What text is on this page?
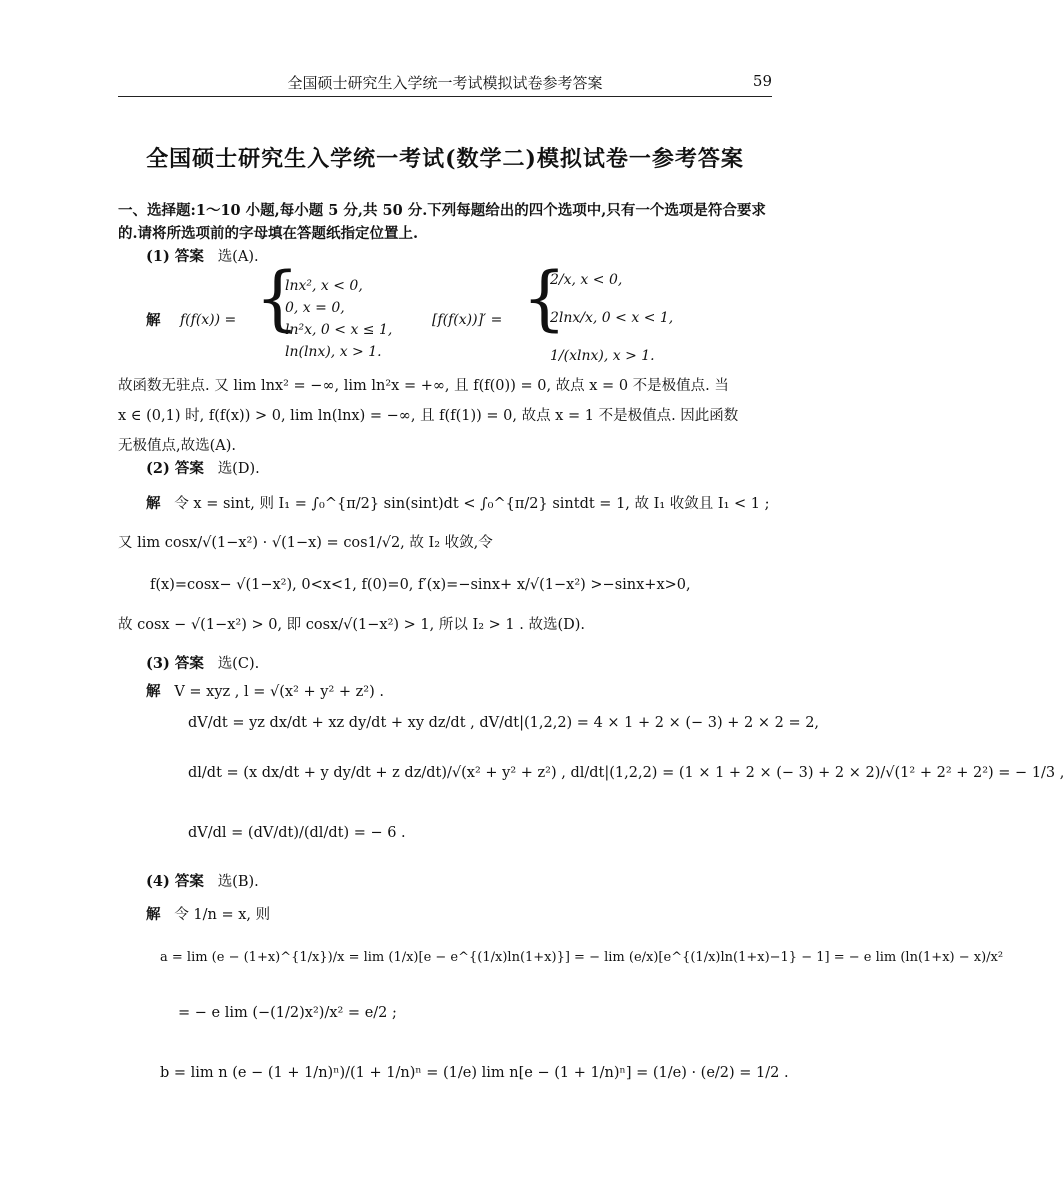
全国硕士研究生入学统一考试模拟试卷参考答案	59
全国硕士研究生入学统一考试(数学二)模拟试卷一参考答案
一、选择题:1～10 小题,每小题 5 分,共 50 分.下列每题给出的四个选项中,只有一个选项是符合要求
的.请将所选项前的字母填在答题纸指定位置上.
(1) 答案 选(A).
解 f(f(x)) = {
lnx², x < 0,
0, x = 0,
ln²x, 0 < x ≤ 1,
ln(lnx), x > 1.
[f(f(x))]′ = {
2/x, x < 0,
2lnx/x, 0 < x < 1,
1/(xlnx), x > 1.
故函数无驻点. 又 lim lnx² = −∞, lim ln²x = +∞, 且 f(f(0)) = 0, 故点 x = 0 不是极值点. 当
x ∈ (0,1) 时, f(f(x)) > 0, lim ln(lnx) = −∞, 且 f(f(1)) = 0, 故点 x = 1 不是极值点. 因此函数
无极值点,故选(A).
(2) 答案 选(D).
解 令 x = sint, 则 I₁ = ∫₀^{π/2} sin(sint)dt < ∫₀^{π/2} sintdt = 1, 故 I₁ 收敛且 I₁ < 1 ;
又 lim cosx/√(1−x²) · √(1−x) = cos1/√2, 故 I₂ 收敛,令
f(x)=cosx− √(1−x²), 0<x<1, f(0)=0, f′(x)=−sinx+ x/√(1−x²) >−sinx+x>0,
故 cosx − √(1−x²) > 0, 即 cosx/√(1−x²) > 1, 所以 I₂ > 1 . 故选(D).
(3) 答案 选(C).
解 V = xyz , l = √(x² + y² + z²) .
dV/dt = yz dx/dt + xz dy/dt + xy dz/dt , dV/dt|(1,2,2) = 4 × 1 + 2 × (− 3) + 2 × 2 = 2,
dl/dt = (x dx/dt + y dy/dt + z dz/dt)/√(x² + y² + z²) , dl/dt|(1,2,2) = (1 × 1 + 2 × (− 3) + 2 × 2)/√(1² + 2² + 2²) = − 1/3 ,
dV/dl = (dV/dt)/(dl/dt) = − 6 .
(4) 答案 选(B).
解 令 1/n = x, 则
a = lim (e − (1+x)^{1/x})/x = lim (1/x)[e − e^{(1/x)ln(1+x)}] = − lim (e/x)[e^{(1/x)ln(1+x)−1} − 1] = − e lim (ln(1+x) − x)/x²
= − e lim (−(1/2)x²)/x² = e/2 ;
b = lim n (e − (1 + 1/n)ⁿ)/(1 + 1/n)ⁿ = (1/e) lim n[e − (1 + 1/n)ⁿ] = (1/e) · (e/2) = 1/2 .
